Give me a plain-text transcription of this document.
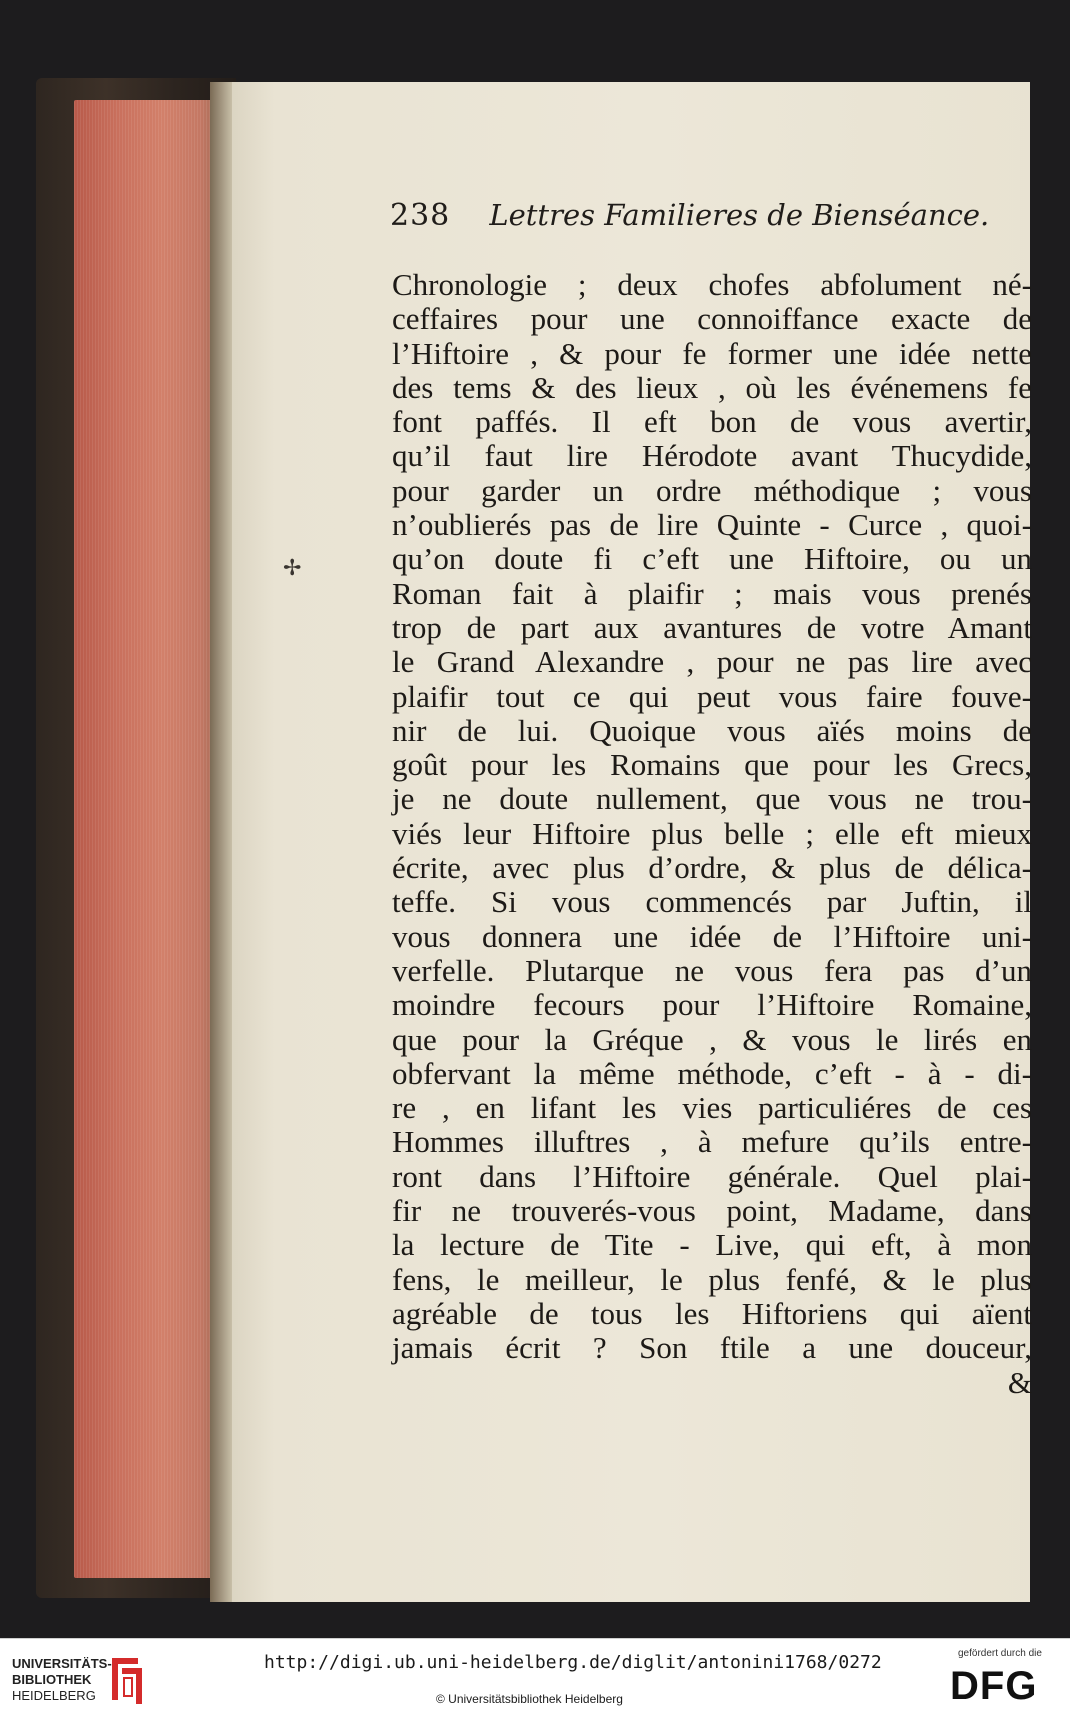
238 Lettres Familieres de Bienséance.
✢
Chronologie ; deux chofes abfolument né-
ceffaires pour une connoiffance exacte de
l’Hiftoire , & pour fe former une idée nette
des tems & des lieux , où les événemens fe
font paffés. Il eft bon de vous avertir,
qu’il faut lire Hérodote avant Thucydide,
pour garder un ordre méthodique ; vous
n’oublierés pas de lire Quinte - Curce , quoi-
qu’on doute fi c’eft une Hiftoire, ou un
Roman fait à plaifir ; mais vous prenés
trop de part aux avantures de votre Amant
le Grand Alexandre , pour ne pas lire avec
plaifir tout ce qui peut vous faire fouve-
nir de lui. Quoique vous aïés moins de
goût pour les Romains que pour les Grecs,
je ne doute nullement, que vous ne trou-
viés leur Hiftoire plus belle ; elle eft mieux
écrite, avec plus d’ordre, & plus de délica-
teffe. Si vous commencés par Juftin, il
vous donnera une idée de l’Hiftoire uni-
verfelle. Plutarque ne vous fera pas d’un
moindre fecours pour l’Hiftoire Romaine,
que pour la Gréque , & vous le lirés en
obfervant la même méthode, c’eft - à - di-
re , en lifant les vies particuliéres de ces
Hommes illuftres , à mefure qu’ils entre-
ront dans l’Hiftoire générale. Quel plai-
fir ne trouverés-vous point, Madame, dans
la lecture de Tite - Live, qui eft, à mon
fens, le meilleur, le plus fenfé, & le plus
agréable de tous les Hiftoriens qui aïent
jamais écrit ? Son ftile a une douceur,
&
UNIVERSITÄTS-
BIBLIOTHEK
HEIDELBERG
http://digi.ub.uni-heidelberg.de/diglit/antonini1768/0272
© Universitätsbibliothek Heidelberg
gefördert durch die
DFG
